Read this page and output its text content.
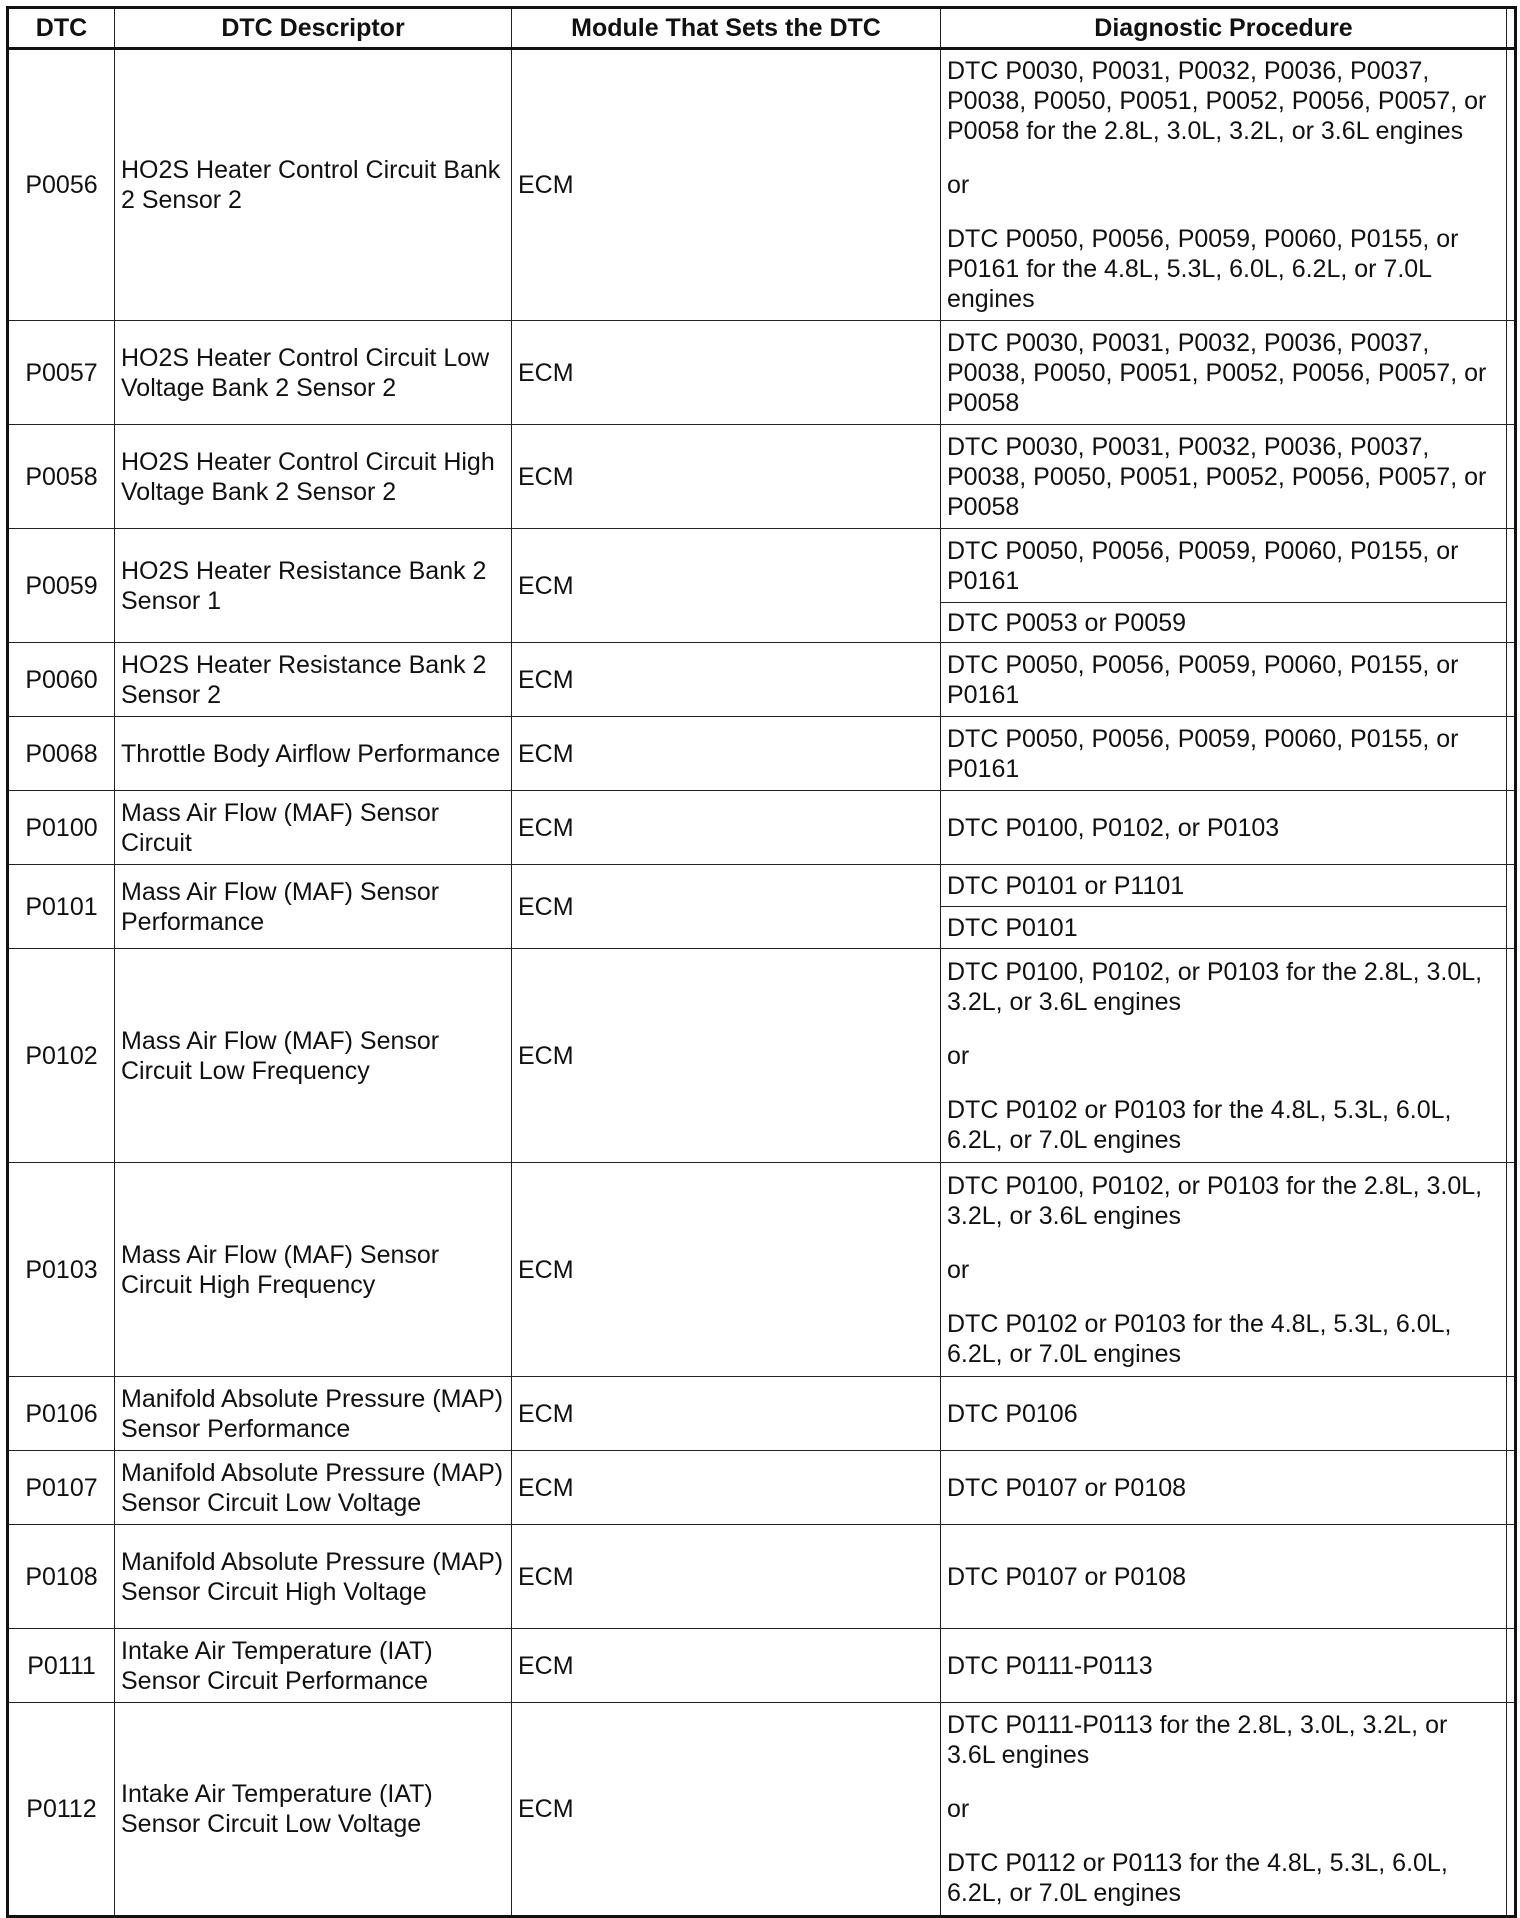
DTC	DTC Descriptor	Module That Sets the DTC	Diagnostic Procedure	
P0056	HO2S Heater Control Circuit Bank 2 Sensor 2	ECM	DTC P0030, P0031, P0032, P0036, P0037, P0038, P0050, P0051, P0052, P0056, P0057, or P0058 for the 2.8L, 3.0L, 3.2L, or 3.6L engines
or
DTC P0050, P0056, P0059, P0060, P0155, or P0161 for the 4.8L, 5.3L, 6.0L, 6.2L, or 7.0L engines	

P0057	HO2S Heater Control Circuit Low Voltage Bank 2 Sensor 2	ECM	DTC P0030, P0031, P0032, P0036, P0037, P0038, P0050, P0051, P0052, P0056, P0057, or P0058	

P0058	HO2S Heater Control Circuit High Voltage Bank 2 Sensor 2	ECM	DTC P0030, P0031, P0032, P0036, P0037, P0038, P0050, P0051, P0052, P0056, P0057, or P0058	

P0059	HO2S Heater Resistance Bank 2 Sensor 1	ECM	DTC P0050, P0056, P0059, P0060, P0155, or P0161	

			DTC P0053 or P0059	

P0060	HO2S Heater Resistance Bank 2 Sensor 2	ECM	DTC P0050, P0056, P0059, P0060, P0155, or P0161	

P0068	Throttle Body Airflow Performance	ECM	DTC P0050, P0056, P0059, P0060, P0155, or P0161	

P0100	Mass Air Flow (MAF) Sensor Circuit	ECM	DTC P0100, P0102, or P0103	

P0101	Mass Air Flow (MAF) Sensor Performance	ECM	DTC P0101 or P1101	

			DTC P0101	

P0102	Mass Air Flow (MAF) Sensor Circuit Low Frequency	ECM	DTC P0100, P0102, or P0103 for the 2.8L, 3.0L, 3.2L, or 3.6L engines
or
DTC P0102 or P0103 for the 4.8L, 5.3L, 6.0L, 6.2L, or 7.0L engines	

P0103	Mass Air Flow (MAF) Sensor Circuit High Frequency	ECM	DTC P0100, P0102, or P0103 for the 2.8L, 3.0L, 3.2L, or 3.6L engines
or
DTC P0102 or P0103 for the 4.8L, 5.3L, 6.0L, 6.2L, or 7.0L engines	

P0106	Manifold Absolute Pressure (MAP) Sensor Performance	ECM	DTC P0106	

P0107	Manifold Absolute Pressure (MAP) Sensor Circuit Low Voltage	ECM	DTC P0107 or P0108	

P0108	Manifold Absolute Pressure (MAP) Sensor Circuit High Voltage	ECM	DTC P0107 or P0108	

P0111	Intake Air Temperature (IAT) Sensor Circuit Performance	ECM	DTC P0111-P0113	

P0112	Intake Air Temperature (IAT) Sensor Circuit Low Voltage	ECM	DTC P0111-P0113 for the 2.8L, 3.0L, 3.2L, or 3.6L engines
or
DTC P0112 or P0113 for the 4.8L, 5.3L, 6.0L, 6.2L, or 7.0L engines	
